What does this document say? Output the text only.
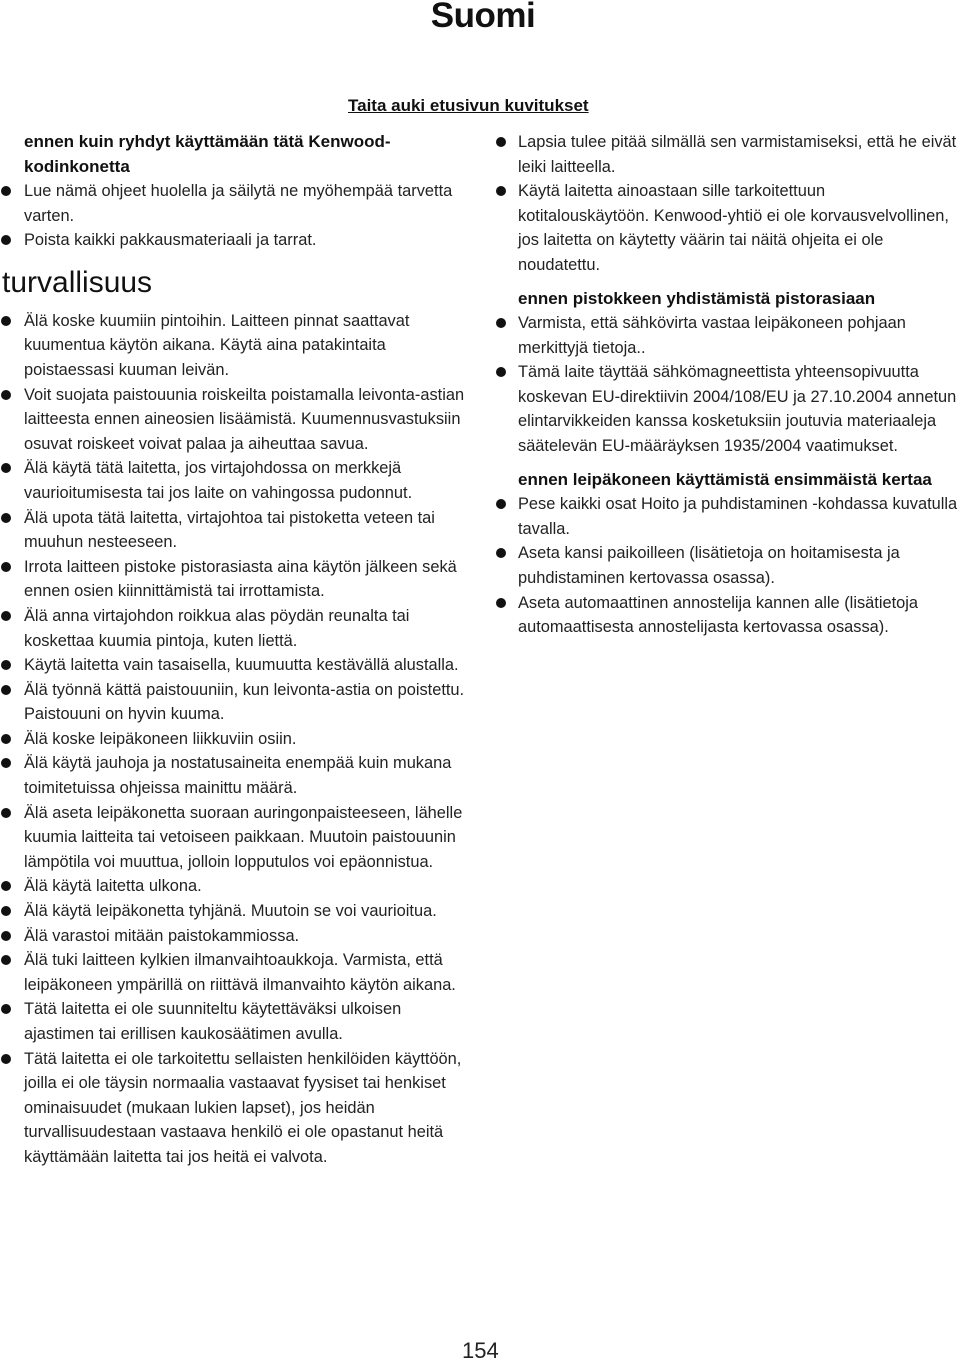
Suomi
Taita auki etusivun kuvitukset
ennen kuin ryhdyt käyttämään tätä Kenwood-kodinkonetta
Lue nämä ohjeet huolella ja säilytä ne myöhempää tarvetta varten.
Poista kaikki pakkausmateriaali ja tarrat.
turvallisuus
Älä koske kuumiin pintoihin. Laitteen pinnat saattavat kuumentua käytön aikana. Käytä aina patakintaita poistaessasi kuuman leivän.
Voit suojata paistouunia roiskeilta poistamalla leivonta-astian laitteesta ennen aineosien lisäämistä. Kuumennusvastuksiin osuvat roiskeet voivat palaa ja aiheuttaa savua.
Älä käytä tätä laitetta, jos virtajohdossa on merkkejä vaurioitumisesta tai jos laite on vahingossa pudonnut.
Älä upota tätä laitetta, virtajohtoa tai pistoketta veteen tai muuhun nesteeseen.
Irrota laitteen pistoke pistorasiasta aina käytön jälkeen sekä ennen osien kiinnittämistä tai irrottamista.
Älä anna virtajohdon roikkua alas pöydän reunalta tai koskettaa kuumia pintoja, kuten liettä.
Käytä laitetta vain tasaisella, kuumuutta kestävällä alustalla.
Älä työnnä kättä paistouuniin, kun leivonta-astia on poistettu. Paistouuni on hyvin kuuma.
Älä koske leipäkoneen liikkuviin osiin.
Älä käytä jauhoja ja nostatusaineita enempää kuin mukana toimitetuissa ohjeissa mainittu määrä.
Älä aseta leipäkonetta suoraan auringonpaisteeseen, lähelle kuumia laitteita tai vetoiseen paikkaan. Muutoin paistouunin lämpötila voi muuttua, jolloin lopputulos voi epäonnistua.
Älä käytä laitetta ulkona.
Älä käytä leipäkonetta tyhjänä. Muutoin se voi vaurioitua.
Älä varastoi mitään paistokammiossa.
Älä tuki laitteen kylkien ilmanvaihtoaukkoja. Varmista, että leipäkoneen ympärillä on riittävä ilmanvaihto käytön aikana.
Tätä laitetta ei ole suunniteltu käytettäväksi ulkoisen ajastimen tai erillisen kaukosäätimen avulla.
Tätä laitetta ei ole tarkoitettu sellaisten henkilöiden käyttöön, joilla ei ole täysin normaalia vastaavat fyysiset tai henkiset ominaisuudet (mukaan lukien lapset), jos heidän turvallisuudestaan vastaava henkilö ei ole opastanut heitä käyttämään laitetta tai jos heitä ei valvota.
Lapsia tulee pitää silmällä sen varmistamiseksi, että he eivät leiki laitteella.
Käytä laitetta ainoastaan sille tarkoitettuun kotitalouskäytöön. Kenwood-yhtiö ei ole korvausvelvollinen, jos laitetta on käytetty väärin tai näitä ohjeita ei ole noudatettu.
ennen pistokkeen yhdistämistä pistorasiaan
Varmista, että sähkövirta vastaa leipäkoneen pohjaan merkittyjä tietoja..
Tämä laite täyttää sähkömagneettista yhteensopivuutta koskevan EU-direktiivin 2004/108/EU ja 27.10.2004 annetun elintarvikkeiden kanssa kosketuksiin joutuvia materiaaleja säätelevän EU-määräyksen 1935/2004 vaatimukset.
ennen leipäkoneen käyttämistä ensimmäistä kertaa
Pese kaikki osat Hoito ja puhdistaminen -kohdassa kuvatulla tavalla.
Aseta kansi paikoilleen (lisätietoja on hoitamisesta ja puhdistaminen kertovassa osassa).
Aseta automaattinen annostelija kannen alle (lisätietoja automaattisesta annostelijasta kertovassa osassa).
154
